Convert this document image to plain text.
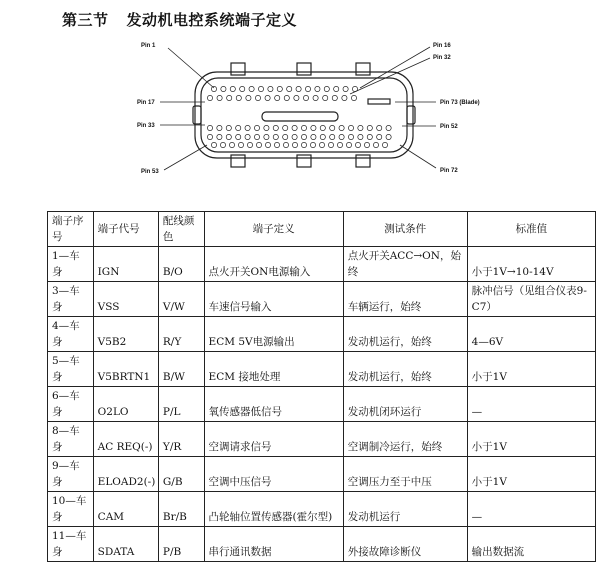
第三节 发动机电控系统端子定义
Pin 1	Pin 16
Pin 32
Pin 17	Pin 73 (Blade)
Pin 33	Pin 52
Pin 53	Pin 72
端子序号	端子代号	配线颜色	端子定义	测试条件	标准值
1—车身	IGN	B/O	点火开关ON电源输入	点火开关ACC→ON，始终	小于1V→10-14V
3—车身	VSS	V/W	车速信号输入	车辆运行，始终	脉冲信号（见组合仪表9-C7）
4—车身	V5B2	R/Y	ECM 5V电源输出	发动机运行，始终	4—6V
5—车身	V5BRTN1	B/W	ECM 接地处理	发动机运行，始终	小于1V
6—车身	O2LO	P/L	氧传感器低信号	发动机闭环运行	—
8—车身	AC REQ(-)	Y/R	空调请求信号	空调制冷运行，始终	小于1V
9—车身	ELOAD2(-)	G/B	空调中压信号	空调压力至于中压	小于1V
10—车身	CAM	Br/B	凸轮轴位置传感器(霍尔型)	发动机运行	—
11—车身	SDATA	P/B	串行通讯数据	外接故障诊断仪	输出数据流
